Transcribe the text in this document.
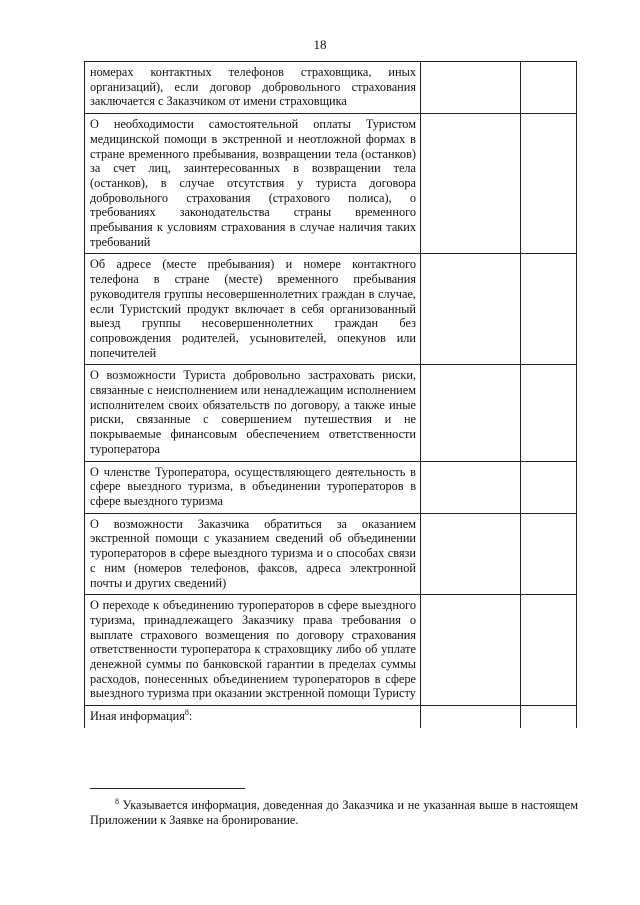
18
номерах контактных телефонов страховщика, иных организаций), если договор добровольного страхования заключается с Заказчиком от имени страховщика		
О необходимости самостоятельной оплаты Туристом медицинской помощи в экстренной и неотложной формах в стране временного пребывания, возвращении тела (останков) за счет лиц, заинтересованных в возвращении тела (останков), в случае отсутствия у туриста договора добровольного страхования (страхового полиса), о требованиях законодательства страны временного пребывания к условиям страхования в случае наличия таких требований		
Об адресе (месте пребывания) и номере контактного телефона в стране (месте) временного пребывания руководителя группы несовершеннолетних граждан в случае, если Туристский продукт включает в себя организованный выезд группы несовершеннолетних граждан без сопровождения родителей, усыновителей, опекунов или попечителей		
О возможности Туриста добровольно застраховать риски, связанные с неисполнением или ненадлежащим исполнением исполнителем своих обязательств по договору, а также иные риски, связанные с совершением путешествия и не покрываемые финансовым обеспечением ответственности туроператора		
О членстве Туроператора, осуществляющего деятельность в сфере выездного туризма, в объединении туроператоров в сфере выездного туризма		
О возможности Заказчика обратиться за оказанием экстренной помощи с указанием сведений об объединении туроператоров в сфере выездного туризма и о способах связи с ним (номеров телефонов, факсов, адреса электронной почты и других сведений)		
О переходе к объединению туроператоров в сфере выездного туризма, принадлежащего Заказчику права требования о выплате страхового возмещения по договору страхования ответственности туроператора к страховщику либо об уплате денежной суммы по банковской гарантии в пределах суммы расходов, понесенных объединением туроператоров в сфере выездного туризма при оказании экстренной помощи Туристу		
Иная информация$^8$:		
$^8$ Указывается информация, доведенная до Заказчика и не указанная выше в настоящем Приложении к Заявке на бронирование.
